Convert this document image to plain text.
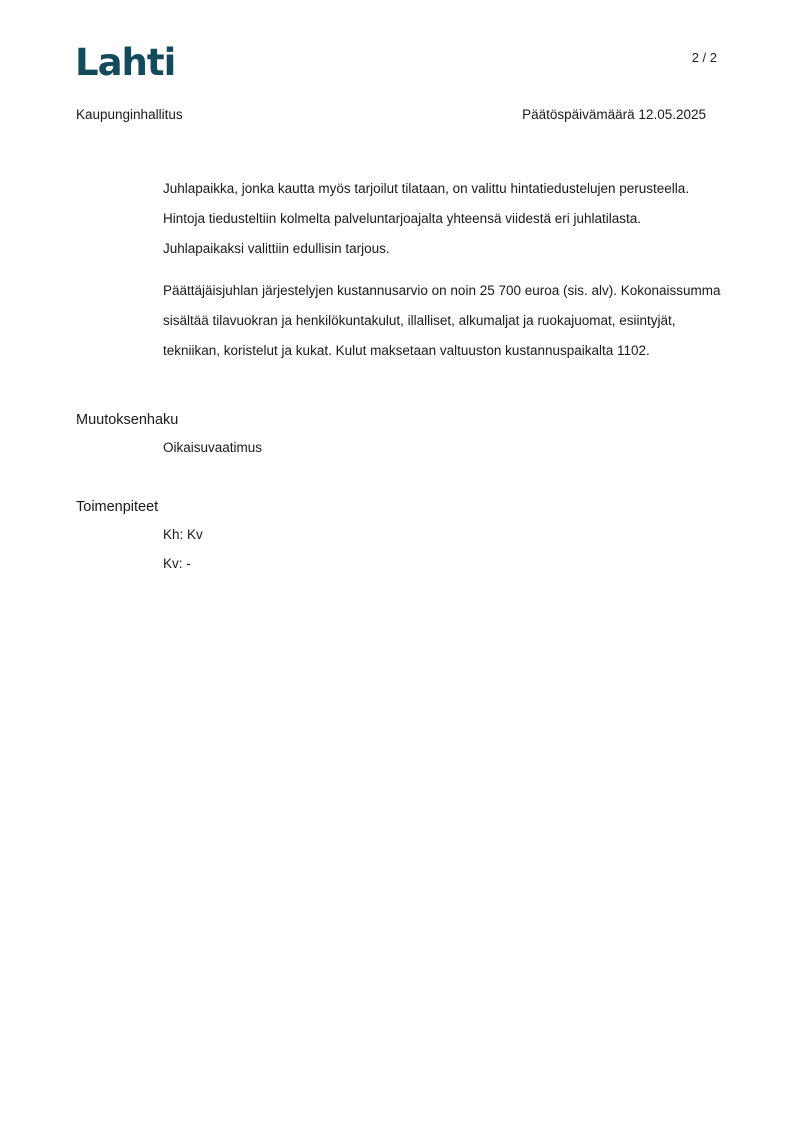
Lahti	2 / 2
Kaupunginhallitus	Päätöspäivämäärä 12.05.2025

Juhlapaikka, jonka kautta myös tarjoilut tilataan, on valittu hintatiedustelujen perusteella. Hintoja tiedusteltiin kolmelta palveluntarjoajalta yhteensä viidestä eri juhlatilasta. Juhlapaikaksi valittiin edullisin tarjous.

Päättäjäisjuhlan järjestelyjen kustannusarvio on noin 25 700 euroa (sis. alv). Kokonaissumma sisältää tilavuokran ja henkilökuntakulut, illalliset, alkumaljat ja ruokajuomat, esiintyjät, tekniikan, koristelut ja kukat. Kulut maksetaan valtuuston kustannuspaikalta 1102.

Muutoksenhaku
Oikaisuvaatimus
Toimenpiteet
Kh: Kv
Kv: -
